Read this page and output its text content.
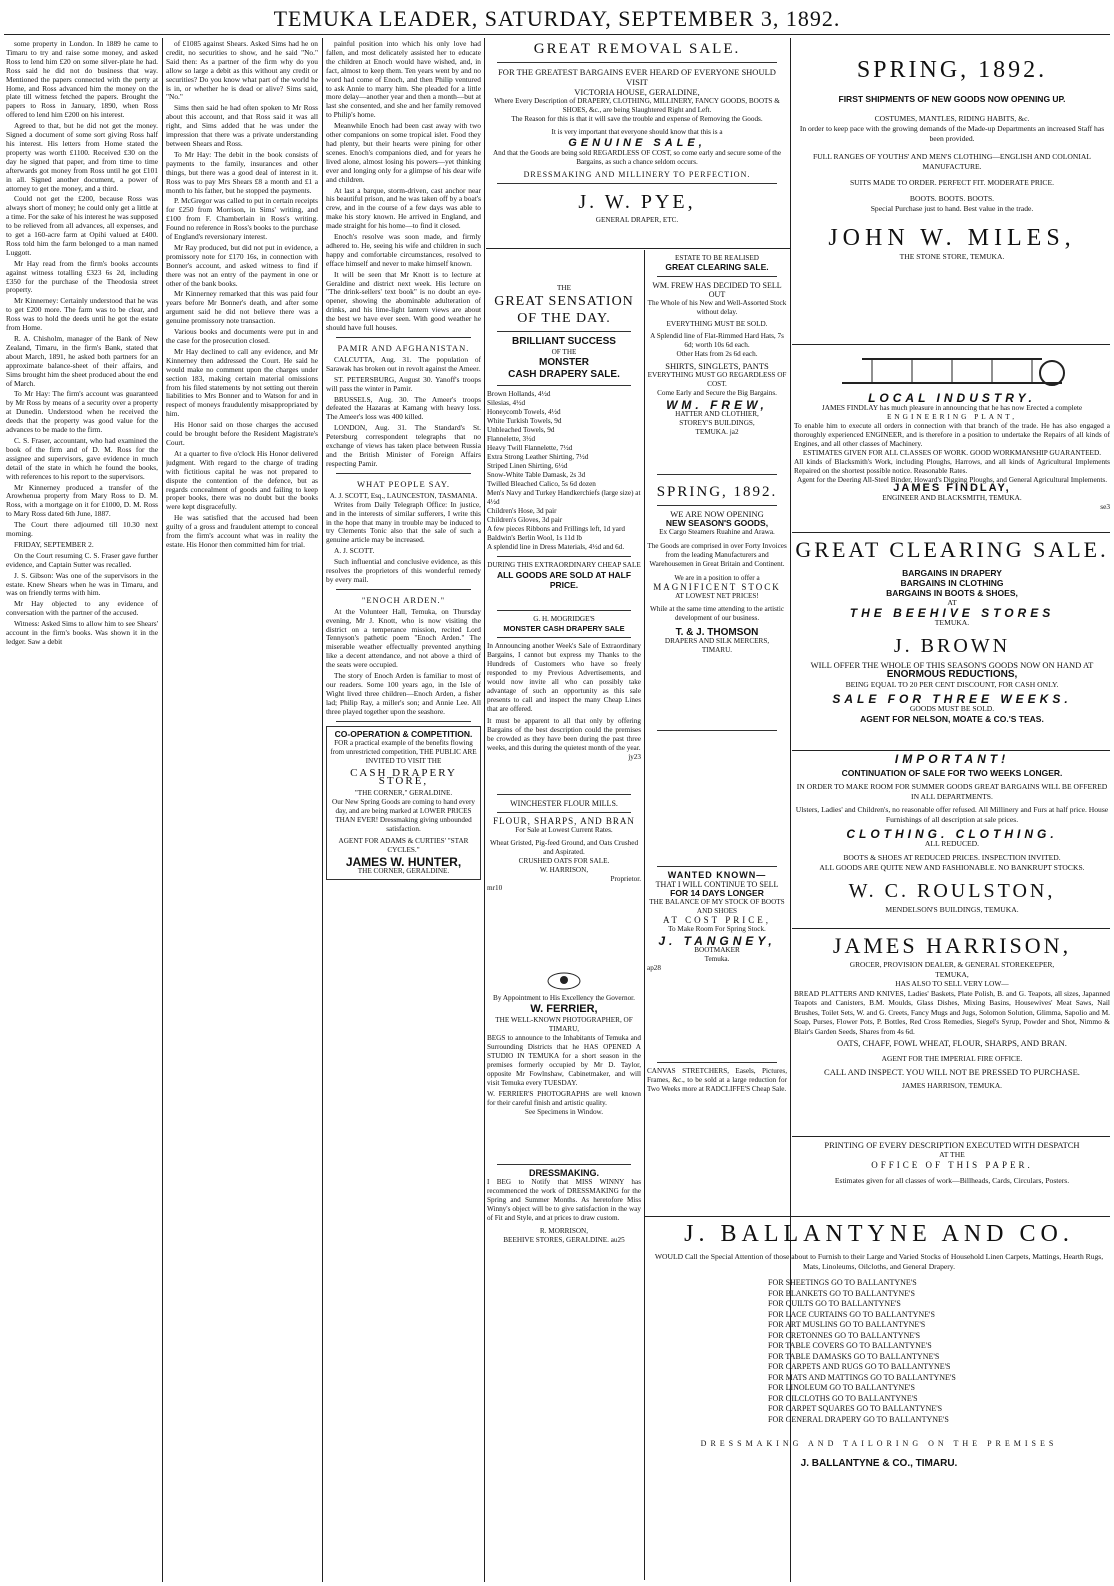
TEMUKA LEADER, SATURDAY, SEPTEMBER 3, 1892.

some property in London. In 1889 he came to Timaru to try and raise some money, and asked Ross to lend him £20 on some silver-plate he had. Ross said he did not do business that way. Mentioned the papers connected with the perty at Home, and Ross advanced him the money on the plate till witness fetched the papers. Brought the papers to Ross in January, 1890, when Ross offered to lend him £200 on his interest.

Agreed to that, but he did not get the money. Signed a document of some sort giving Ross half his interest. His letters from Home stated the property was worth £1100. Received £30 on the day he signed that paper, and from time to time afterwards got money from Ross until he got £101 in all. Signed another document, a power of attorney to get the money, and a third.

Could not get the £200, because Ross was always short of money; he could only get a little at a time. For the sake of his interest he was supposed to be relieved from all advances, all expenses, and to get a 160-acre farm at Opihi valued at £400. Ross told him the farm belonged to a man named Luggott.

Mr Hay read from the firm's books accounts against witness totalling £323 6s 2d, including £350 for the purchase of the Theodosia street property.

Mr Kinnerney: Certainly understood that he was to get £200 more. The farm was to be clear, and Ross was to hold the deeds until he got the estate from Home.

R. A. Chisholm, manager of the Bank of New Zealand, Timaru, in the firm's Bank, stated that about March, 1891, he asked both partners for an approximate balance-sheet of their affairs, and Sims brought him the sheet produced about the end of March.

To Mr Hay: The firm's account was guaranteed by Mr Ross by means of a security over a property at Dunedin. Understood when he received the deeds that the property was good value for the advances to be made to the firm.

C. S. Fraser, accountant, who had examined the book of the firm and of D. M. Ross for the assignee and supervisors, gave evidence in much detail of the state in which he found the books, with references to his report to the supervisors.

Mr Kinnerney produced a transfer of the Arowhenua property from Mary Ross to D. M. Ross, with a mortgage on it for £1000, D. M. Ross to Mary Ross dated 6th June, 1887.

The Court there adjourned till 10.30 next morning.

FRIDAY, SEPTEMBER 2.

On the Court resuming C. S. Fraser gave further evidence, and Captain Sutter was recalled.

J. S. Gibson: Was one of the supervisors in the estate. Knew Shears when he was in Timaru, and was on friendly terms with him.

Mr Hay objected to any evidence of conversation with the partner of the accused.

Witness: Asked Sims to allow him to see Shears' account in the firm's books. Was shown it in the ledger. Saw a debit

of £1085 against Shears. Asked Sims had he on credit, no securities to show, and he said "No." Said then: As a partner of the firm why do you allow so large a debit as this without any credit or securities? Do you know what part of the world he is in, or whether he is dead or alive? Sims said, "No."

Sims then said he had often spoken to Mr Ross about this account, and that Ross said it was all right, and Sims added that he was under the impression that there was a private understanding between Shears and Ross.

To Mr Hay: The debit in the book consists of payments to the family, insurances and other things, but there was a good deal of interest in it. Ross was to pay Mrs Shears £8 a month and £1 a month to his father, but he stopped the payments.

P. McGregor was called to put in certain receipts for £250 from Morrison, in Sims' writing, and £100 from F. Chamberlain in Ross's writing. Found no reference in Ross's books to the purchase of England's reversionary interest.

Mr Ray produced, but did not put in evidence, a promissory note for £170 16s, in connection with Bonner's account, and asked witness to find if there was not an entry of the payment in one or other of the bank books.

Mr Kinnerney remarked that this was paid four years before Mr Bonner's death, and after some argument said he did not believe there was a genuine promissory note transaction.

Various books and documents were put in and the case for the prosecution closed.

Mr Hay declined to call any evidence, and Mr Kinnerney then addressed the Court. He said he would make no comment upon the charges under section 183, making certain material omissions from his filed statements by not setting out therein liabilities to Mrs Bonner and to Watson for and in respect of moneys fraudulently misappropriated by him.

His Honor said on those charges the accused could be brought before the Resident Magistrate's Court.

At a quarter to five o'clock His Honor delivered judgment. With regard to the charge of trading with fictitious capital he was not prepared to dispute the contention of the defence, but as regards concealment of goods and failing to keep proper books, there was no doubt but the books were kept disgracefully.

He was satisfied that the accused had been guilty of a gross and fraudulent attempt to conceal from the firm's account what was in reality the estate. His Honor then committed him for trial.

painful position into which his only love had fallen, and most delicately assisted her to educate the children at Enoch would have wished, and, in fact, almost to keep them. Ten years went by and no word had come of Enoch, and then Philip ventured to ask Annie to marry him. She pleaded for a little more delay—another year and then a month—but at last she consented, and she and her family removed to Philip's home.

Meanwhile Enoch had been cast away with two other companions on some tropical islet. Food they had plenty, but their hearts were pining for other scenes. Enoch's companions died, and for years he lived alone, almost losing his powers—yet thinking ever and longing only for a glimpse of his dear wife and children.

At last a barque, storm-driven, cast anchor near his beautiful prison, and he was taken off by a boat's crew, and in the course of a few days was able to make his story known. He arrived in England, and made straight for his home—to find it closed.

Enoch's resolve was soon made, and firmly adhered to. He, seeing his wife and children in such happy and comfortable circumstances, resolved to efface himself and never to make himself known.

It will be seen that Mr Knott is to lecture at Geraldine and district next week. His lecture on "The drink-sellers' text book" is no doubt an eye-opener, showing the abominable adulteration of drinks, and his lime-light lantern views are about the best we have ever seen. With good weather he should have full houses.

PAMIR AND AFGHANISTAN.

CALCUTTA, Aug. 31. The population of Sarawak has broken out in revolt against the Ameer.

ST. PETERSBURG, August 30. Yanoff's troops will pass the winter in Pamir.

BRUSSELS, Aug. 30. The Ameer's troops defeated the Hazaras at Kamang with heavy loss. The Ameer's loss was 400 killed.

LONDON, Aug. 31. The Standard's St. Petersburg correspondent telegraphs that no exchange of views has taken place between Russia and the British Minister of Foreign Affairs respecting Pamir.

WHAT PEOPLE SAY.
A. J. SCOTT, Esq., LAUNCESTON, TASMANIA.

Writes from Daily Telegraph Office: In justice, and in the interests of similar sufferers, I write this in the hope that many in trouble may be induced to try Clements Tonic also that the sale of such a genuine article may be increased.

A. J. SCOTT.

Such influential and conclusive evidence, as this resolves the proprietors of this wonderful remedy by every mail.

"ENOCH ARDEN."

At the Volunteer Hall, Temuka, on Thursday evening, Mr J. Knott, who is now visiting the district on a temperance mission, recited Lord Tennyson's pathetic poem "Enoch Arden." The miserable weather effectually prevented anything like a decent attendance, and not above a third of the seats were occupied.

The story of Enoch Arden is familiar to most of our readers. Some 100 years ago, in the Isle of Wight lived three children—Enoch Arden, a fisher lad; Philip Ray, a miller's son; and Annie Lee. All three played together upon the seashore.

CO-OPERATION & COMPETITION.
FOR a practical example of the benefits flowing from unrestricted competition, THE PUBLIC ARE INVITED TO VISIT THE
CASH DRAPERY STORE,
"THE CORNER," GERALDINE.
Our New Spring Goods are coming to hand every day, and are being marked at LOWER PRICES THAN EVER! Dressmaking giving unbounded satisfaction.
AGENT FOR ADAMS & CURTIES' "STAR CYCLES."
JAMES W. HUNTER,
THE CORNER, GERALDINE.
GREAT REMOVAL SALE.
FOR THE GREATEST BARGAINS EVER HEARD OF EVERYONE SHOULD VISIT
VICTORIA HOUSE, GERALDINE,
Where Every Description of DRAPERY, CLOTHING, MILLINERY, FANCY GOODS, BOOTS & SHOES, &c., are being Slaughtered Right and Left.
The Reason for this is that it will save the trouble and expense of Removing the Goods.
It is very important that everyone should know that this is a
GENUINE SALE,
And that the Goods are being sold REGARDLESS OF COST, so come early and secure some of the Bargains, as such a chance seldom occurs.
DRESSMAKING AND MILLINERY TO PERFECTION.
J. W. PYE,
GENERAL DRAPER, ETC.
THE
GREAT SENSATION OF THE DAY.
BRILLIANT SUCCESS
OF THE
MONSTER
CASH DRAPERY SALE.
Brown Hollands, 4½d
Silesias, 4½d
Honeycomb Towels, 4½d
White Turkish Towels, 9d
Unbleached Towels, 9d
Flannelette, 3½d
Heavy Twill Flannelette, 7½d
Extra Strong Leather Shirting, 7½d
Striped Linen Shirting, 6½d
Snow-White Table Damask, 2s 3d
Twilled Bleached Calico, 5s 6d dozen
Men's Navy and Turkey Handkerchiefs (large size) at 4½d
Children's Hose, 3d pair
Children's Gloves, 3d pair
A few pieces Ribbons and Frillings left, 1d yard
Baldwin's Berlin Wool, 1s 11d lb
A splendid line in Dress Materials, 4½d and 6d.
DURING THIS EXTRAORDINARY CHEAP SALE
ALL GOODS ARE SOLD AT HALF PRICE.
G. H. MOGRIDGE'S
MONSTER CASH DRAPERY SALE
In Announcing another Week's Sale of Extraordinary Bargains, I cannot but express my Thanks to the Hundreds of Customers who have so freely responded to my Previous Advertisements, and would now invite all who can possibly take advantage of such an opportunity as this sale presents to call and inspect the many Cheap Lines that are offered.
It must be apparent to all that only by offering Bargains of the best description could the premises be crowded as they have been during the past three weeks, and this during the quietest month of the year.
jy23
WINCHESTER FLOUR MILLS.
FLOUR, SHARPS, AND BRAN
For Sale at Lowest Current Rates.
Wheat Gristed, Pig-feed Ground, and Oats Crushed and Aspirated.
CRUSHED OATS FOR SALE.
W. HARRISON,
Proprietor.
mr10
By Appointment to His Excellency the Governor.
W. FERRIER,
THE WELL-KNOWN PHOTOGRAPHER, OF TIMARU,
BEGS to announce to the Inhabitants of Temuka and Surrounding Districts that he HAS OPENED A STUDIO IN TEMUKA for a short season in the premises formerly occupied by Mr D. Taylor, opposite Mr Fowlnshaw, Cabinetmaker, and will visit Temuka every TUESDAY.
W. FERRIER'S PHOTOGRAPHS are well known for their careful finish and artistic quality.
See Specimens in Window.
DRESSMAKING.
I BEG to Notify that MISS WINNY has recommenced the work of DRESSMAKING for the Spring and Summer Months. As heretofore Miss Winny's object will be to give satisfaction in the way of Fit and Style, and at prices to draw custom.
R. MORRISON,
BEEHIVE STORES, GERALDINE. au25
ESTATE TO BE REALISED
GREAT CLEARING SALE.
WM. FREW HAS DECIDED TO SELL OUT
The Whole of his New and Well-Assorted Stock without delay.
EVERYTHING MUST BE SOLD.
A Splendid line of Flat-Rimmed Hard Hats, 7s 6d; worth 10s 6d each.
Other Hats from 2s 6d each.
SHIRTS, SINGLETS, PANTS
EVERYTHING MUST GO REGARDLESS OF COST.
Come Early and Secure the Big Bargains.
WM. FREW,
HATTER AND CLOTHIER,
STOREY'S BUILDINGS,
TEMUKA. ja2
SPRING, 1892.
WE ARE NOW OPENING
NEW SEASON'S GOODS,
Ex Cargo Steamers Ruahine and Arawa.
The Goods are comprised in over Forty Invoices from the leading Manufacturers and Warehousemen in Great Britain and Continent.
We are in a position to offer a
MAGNIFICENT STOCK
AT LOWEST NET PRICES!
While at the same time attending to the artistic development of our business.
T. & J. THOMSON
DRAPERS AND SILK MERCERS,
TIMARU.
WANTED KNOWN—
THAT I WILL CONTINUE TO SELL
FOR 14 DAYS LONGER
THE BALANCE OF MY STOCK OF BOOTS AND SHOES
AT COST PRICE,
To Make Room For Spring Stock.
J. TANGNEY,
BOOTMAKER
Temuka.
ap28
CANVAS STRETCHERS, Easels, Pictures, Frames, &c., to be sold at a large reduction for Two Weeks more at RADCLIFFE'S Cheap Sale.
SPRING, 1892.
FIRST SHIPMENTS OF NEW GOODS NOW OPENING UP.
COSTUMES, MANTLES, RIDING HABITS, &c.
In order to keep pace with the growing demands of the Made-up Departments an increased Staff has been provided.
FULL RANGES OF YOUTHS' AND MEN'S CLOTHING—ENGLISH AND COLONIAL MANUFACTURE.
SUITS MADE TO ORDER. PERFECT FIT. MODERATE PRICE.
BOOTS. BOOTS. BOOTS.
Special Purchase just to hand. Best value in the trade.
JOHN W. MILES,
THE STONE STORE, TEMUKA.
LOCAL INDUSTRY.
JAMES FINDLAY has much pleasure in announcing that he has now Erected a complete
ENGINEERING PLANT,
To enable him to execute all orders in connection with that branch of the trade. He has also engaged a thoroughly experienced ENGINEER, and is therefore in a position to undertake the Repairs of all kinds of Engines, and all other classes of Machinery.
ESTIMATES GIVEN FOR ALL CLASSES OF WORK. GOOD WORKMANSHIP GUARANTEED.
All kinds of Blacksmith's Work, including Ploughs, Harrows, and all kinds of Agricultural Implements Repaired on the shortest possible notice. Reasonable Rates.
Agent for the Deering All-Steel Binder, Howard's Digging Ploughs, and General Agricultural Implements.
JAMES FINDLAY,
ENGINEER AND BLACKSMITH, TEMUKA.
se3
GREAT CLEARING SALE.
BARGAINS IN DRAPERY
BARGAINS IN CLOTHING
BARGAINS IN BOOTS & SHOES,
AT
THE BEEHIVE STORES
TEMUKA.
J. BROWN
WILL OFFER THE WHOLE OF THIS SEASON'S GOODS NOW ON HAND AT
ENORMOUS REDUCTIONS,
BEING EQUAL TO 20 PER CENT DISCOUNT, FOR CASH ONLY.
SALE FOR THREE WEEKS.
GOODS MUST BE SOLD.
AGENT FOR NELSON, MOATE & CO.'S TEAS.
IMPORTANT!
CONTINUATION OF SALE FOR TWO WEEKS LONGER.
IN ORDER TO MAKE ROOM FOR SUMMER GOODS GREAT BARGAINS WILL BE OFFERED IN ALL DEPARTMENTS.
Ulsters, Ladies' and Children's, no reasonable offer refused. All Millinery and Furs at half price. House Furnishings of all description at sale prices.
CLOTHING. CLOTHING.
ALL REDUCED.
BOOTS & SHOES AT REDUCED PRICES. INSPECTION INVITED.
ALL GOODS ARE QUITE NEW AND FASHIONABLE. NO BANKRUPT STOCKS.
W. C. ROULSTON,
MENDELSON'S BUILDINGS, TEMUKA.
JAMES HARRISON,
GROCER, PROVISION DEALER, & GENERAL STOREKEEPER,
TEMUKA,
HAS ALSO TO SELL VERY LOW—
BREAD PLATTERS AND KNIVES, Ladies' Baskets, Plate Polish, B. and G. Teapots, all sizes, Japanned Teapots and Canisters, B.M. Moulds, Glass Dishes, Mixing Basins, Housewives' Meat Saws, Nail Brushes, Toilet Sets, W. and G. Creets, Fancy Mugs and Jugs, Solomon Solution, Glimma, Sapolio and M. Soap, Purses, Flower Pots, P. Bottles, Red Cross Remedies, Siegel's Syrup, Powder and Shot, Nimmo & Blair's Garden Seeds, Shares from 4s 6d.
OATS, CHAFF, FOWL WHEAT, FLOUR, SHARPS, AND BRAN.
AGENT FOR THE IMPERIAL FIRE OFFICE.
CALL AND INSPECT. YOU WILL NOT BE PRESSED TO PURCHASE.
JAMES HARRISON, TEMUKA.
PRINTING OF EVERY DESCRIPTION EXECUTED WITH DESPATCH
AT THE
OFFICE OF THIS PAPER.
Estimates given for all classes of work—Billheads, Cards, Circulars, Posters.
J. BALLANTYNE AND CO.
WOULD Call the Special Attention of those about to Furnish to their Large and Varied Stocks of Household Linen Carpets, Mattings, Hearth Rugs, Mats, Linoleums, Oilcloths, and General Drapery.
FOR SHEETINGS GO TO BALLANTYNE'S
FOR BLANKETS GO TO BALLANTYNE'S
FOR QUILTS GO TO BALLANTYNE'S
FOR LACE CURTAINS GO TO BALLANTYNE'S
FOR ART MUSLINS GO TO BALLANTYNE'S
FOR CRETONNES GO TO BALLANTYNE'S
FOR TABLE COVERS GO TO BALLANTYNE'S
FOR TABLE DAMASKS GO TO BALLANTYNE'S
FOR CARPETS AND RUGS GO TO BALLANTYNE'S
FOR MATS AND MATTINGS GO TO BALLANTYNE'S
FOR LINOLEUM GO TO BALLANTYNE'S
FOR OILCLOTHS GO TO BALLANTYNE'S
FOR CARPET SQUARES GO TO BALLANTYNE'S
FOR GENERAL DRAPERY GO TO BALLANTYNE'S
DRESSMAKING AND TAILORING ON THE PREMISES
J. BALLANTYNE & CO., TIMARU.
